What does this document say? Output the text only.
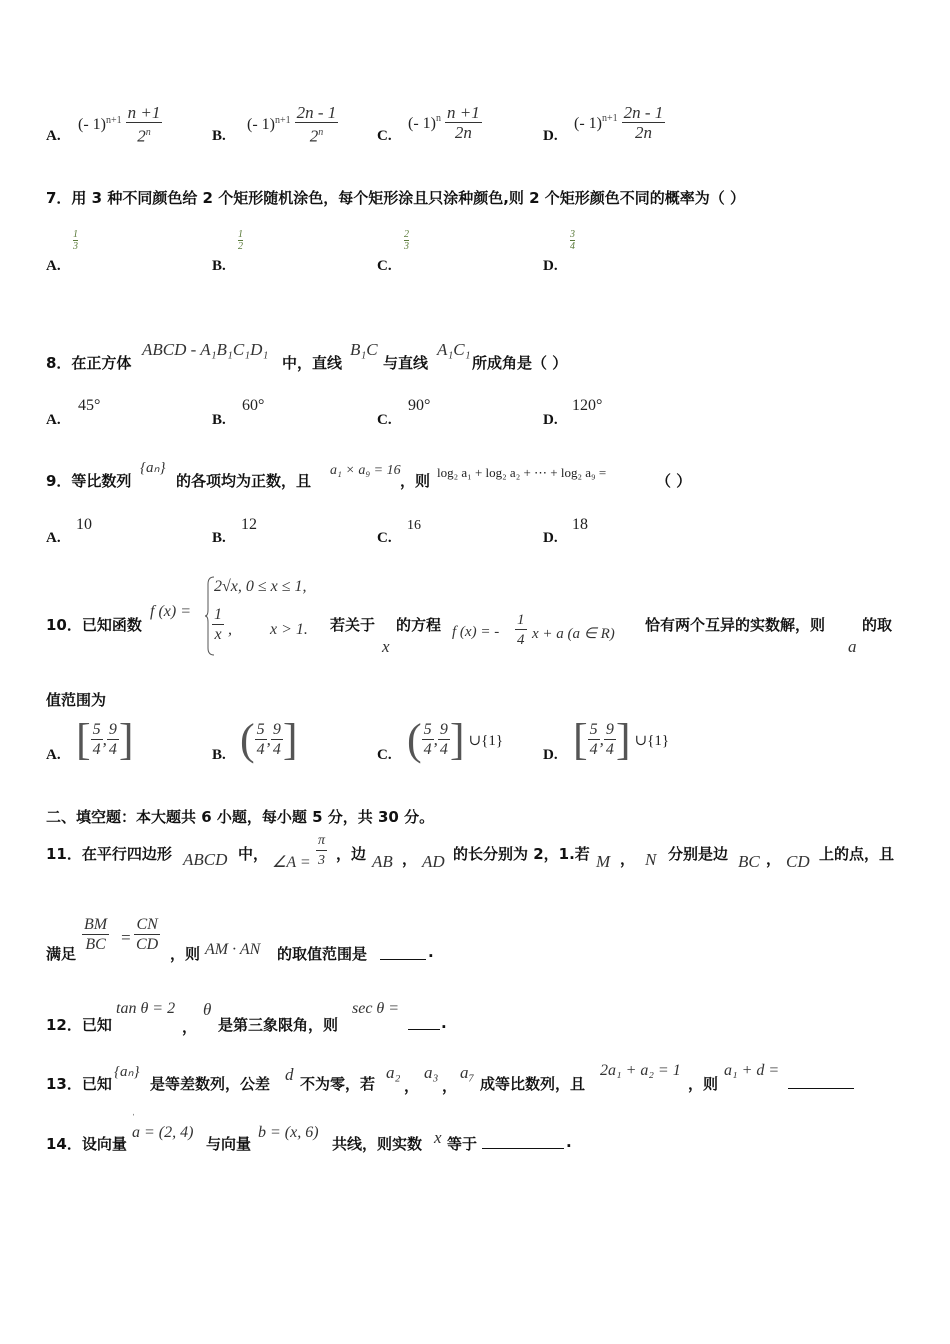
A.
(- $1)^{n+1} \frac{n +1}{2^n}$	B.
(- $1)^{n+1} \frac{2n - 1}{2^n}$	C.
(- $1)^n \frac{n +1}{2n}$	D.
(- $1)^{n+1} \frac{2n - 1}{2n}$
7．用 3 种不同颜色给 2 个矩形随机涂色，每个矩形涂且只涂种颜色,则 2 个矩形颜色不同的概率为（ ）
A.
$\frac{1}{3}$
B.
$\frac{1}{2}$
C.
$\frac{2}{3}$
D.
$\frac{3}{4}$
8．在正方体
ABCD - A₁B₁C₁D₁
中，直线
B₁C
与直线
A₁C₁
所成角是（ ）
A.
45°
B.
60°
C.
90°
D.
120°
9．等比数列
{aₙ}
的各项均为正数，且
a₁ × a₉ = 16
，则 log₂ a₁ + log₂ a₂ + ⋯ + log₂ a₉ =	（ ）
A.
10
B.
12
C.
16
D.
18
10．已知函数
f (x) =
2√x, 0 ≤ x ≤ 1,
$\frac{1}{x}$ , x > 1. 若关于
x
的方程 f (x) = - $\frac{1}{4}$ x + a (a ∈ R) 恰有两个互异的实数解，则
a
的取
值范围为
A. [ $\frac{5}{4}$ , $\frac{9}{4}$ ]	B. ( $\frac{5}{4}$ , $\frac{9}{4}$ ]	C. ( $\frac{5}{4}$ , $\frac{9}{4}$ ] ∪{1}
D. [ $\frac{5}{4}$ , $\frac{9}{4}$ ] ∪{1}
二、填空题：本大题共 6 小题，每小题 5 分，共 30 分。
11．在平行四边形 ABCD 中， ∠A = $\frac{\pi}{3}$ ，边 AB ， AD 的长分别为 2，1.若 M ， N 分别是边 BC ， CD 上的点，且
满足 $\frac{BM}{BC} = \frac{CN}{CD}$ ，则 AM · AN 的取值范围是	.
12．已知
tan θ = 2
，
θ
是第三象限角，则
sec θ =
.
13．已知
{aₙ}
是等差数列，公差 d 不为零，若
a₂
，
a₃
，
a₇
成等比数列，且
2a₁ + a₂ = 1
，则
a₁ + d =
14．设向量
ˈ
a = (2, 4)
与向量
b = (x, 6)
共线，则实数 x 等于	.
